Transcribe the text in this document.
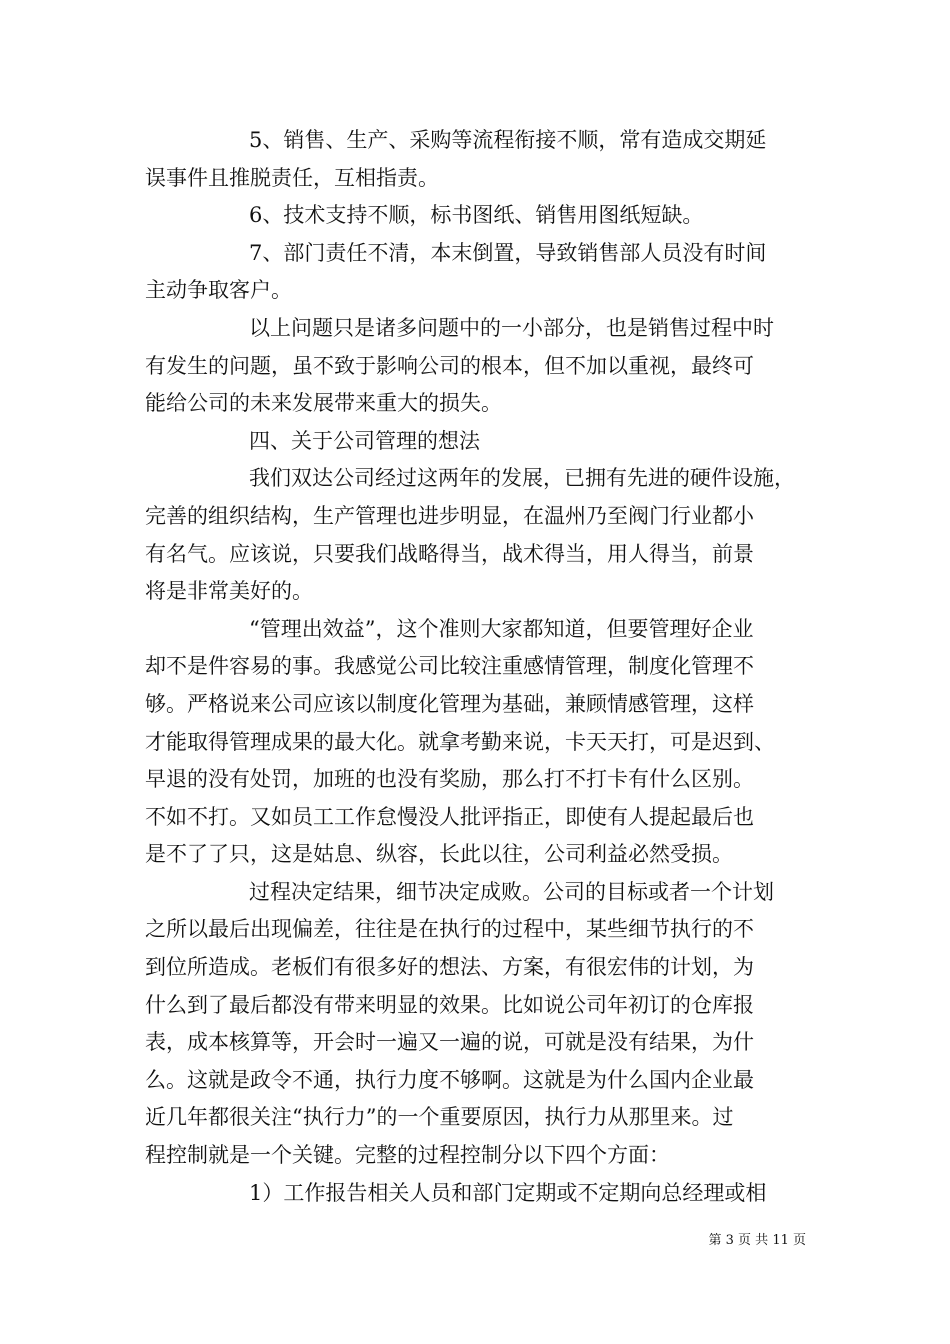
5、销售、生产、采购等流程衔接不顺，常有造成交期延
误事件且推脱责任，互相指责。
6、技术支持不顺，标书图纸、销售用图纸短缺。
7、部门责任不清，本末倒置，导致销售部人员没有时间
主动争取客户。
以上问题只是诸多问题中的一小部分，也是销售过程中时
有发生的问题，虽不致于影响公司的根本，但不加以重视，最终可
能给公司的未来发展带来重大的损失。
四、关于公司管理的想法
我们双达公司经过这两年的发展，已拥有先进的硬件设施，
完善的组织结构，生产管理也进步明显，在温州乃至阀门行业都小
有名气。应该说，只要我们战略得当，战术得当，用人得当，前景
将是非常美好的。
“管理出效益”，这个准则大家都知道，但要管理好企业
却不是件容易的事。我感觉公司比较注重感情管理，制度化管理不
够。严格说来公司应该以制度化管理为基础，兼顾情感管理，这样
才能取得管理成果的最大化。就拿考勤来说，卡天天打，可是迟到、
早退的没有处罚，加班的也没有奖励，那么打不打卡有什么区别。
不如不打。又如员工工作怠慢没人批评指正，即使有人提起最后也
是不了了只，这是姑息、纵容，长此以往，公司利益必然受损。
过程决定结果，细节决定成败。公司的目标或者一个计划
之所以最后出现偏差，往往是在执行的过程中，某些细节执行的不
到位所造成。老板们有很多好的想法、方案，有很宏伟的计划，为
什么到了最后都没有带来明显的效果。比如说公司年初订的仓库报
表，成本核算等，开会时一遍又一遍的说，可就是没有结果，为什
么。这就是政令不通，执行力度不够啊。这就是为什么国内企业最
近几年都很关注“执行力”的一个重要原因，执行力从那里来。过
程控制就是一个关键。完整的过程控制分以下四个方面：
1）工作报告相关人员和部门定期或不定期向总经理或相
第 3 页 共 11 页
